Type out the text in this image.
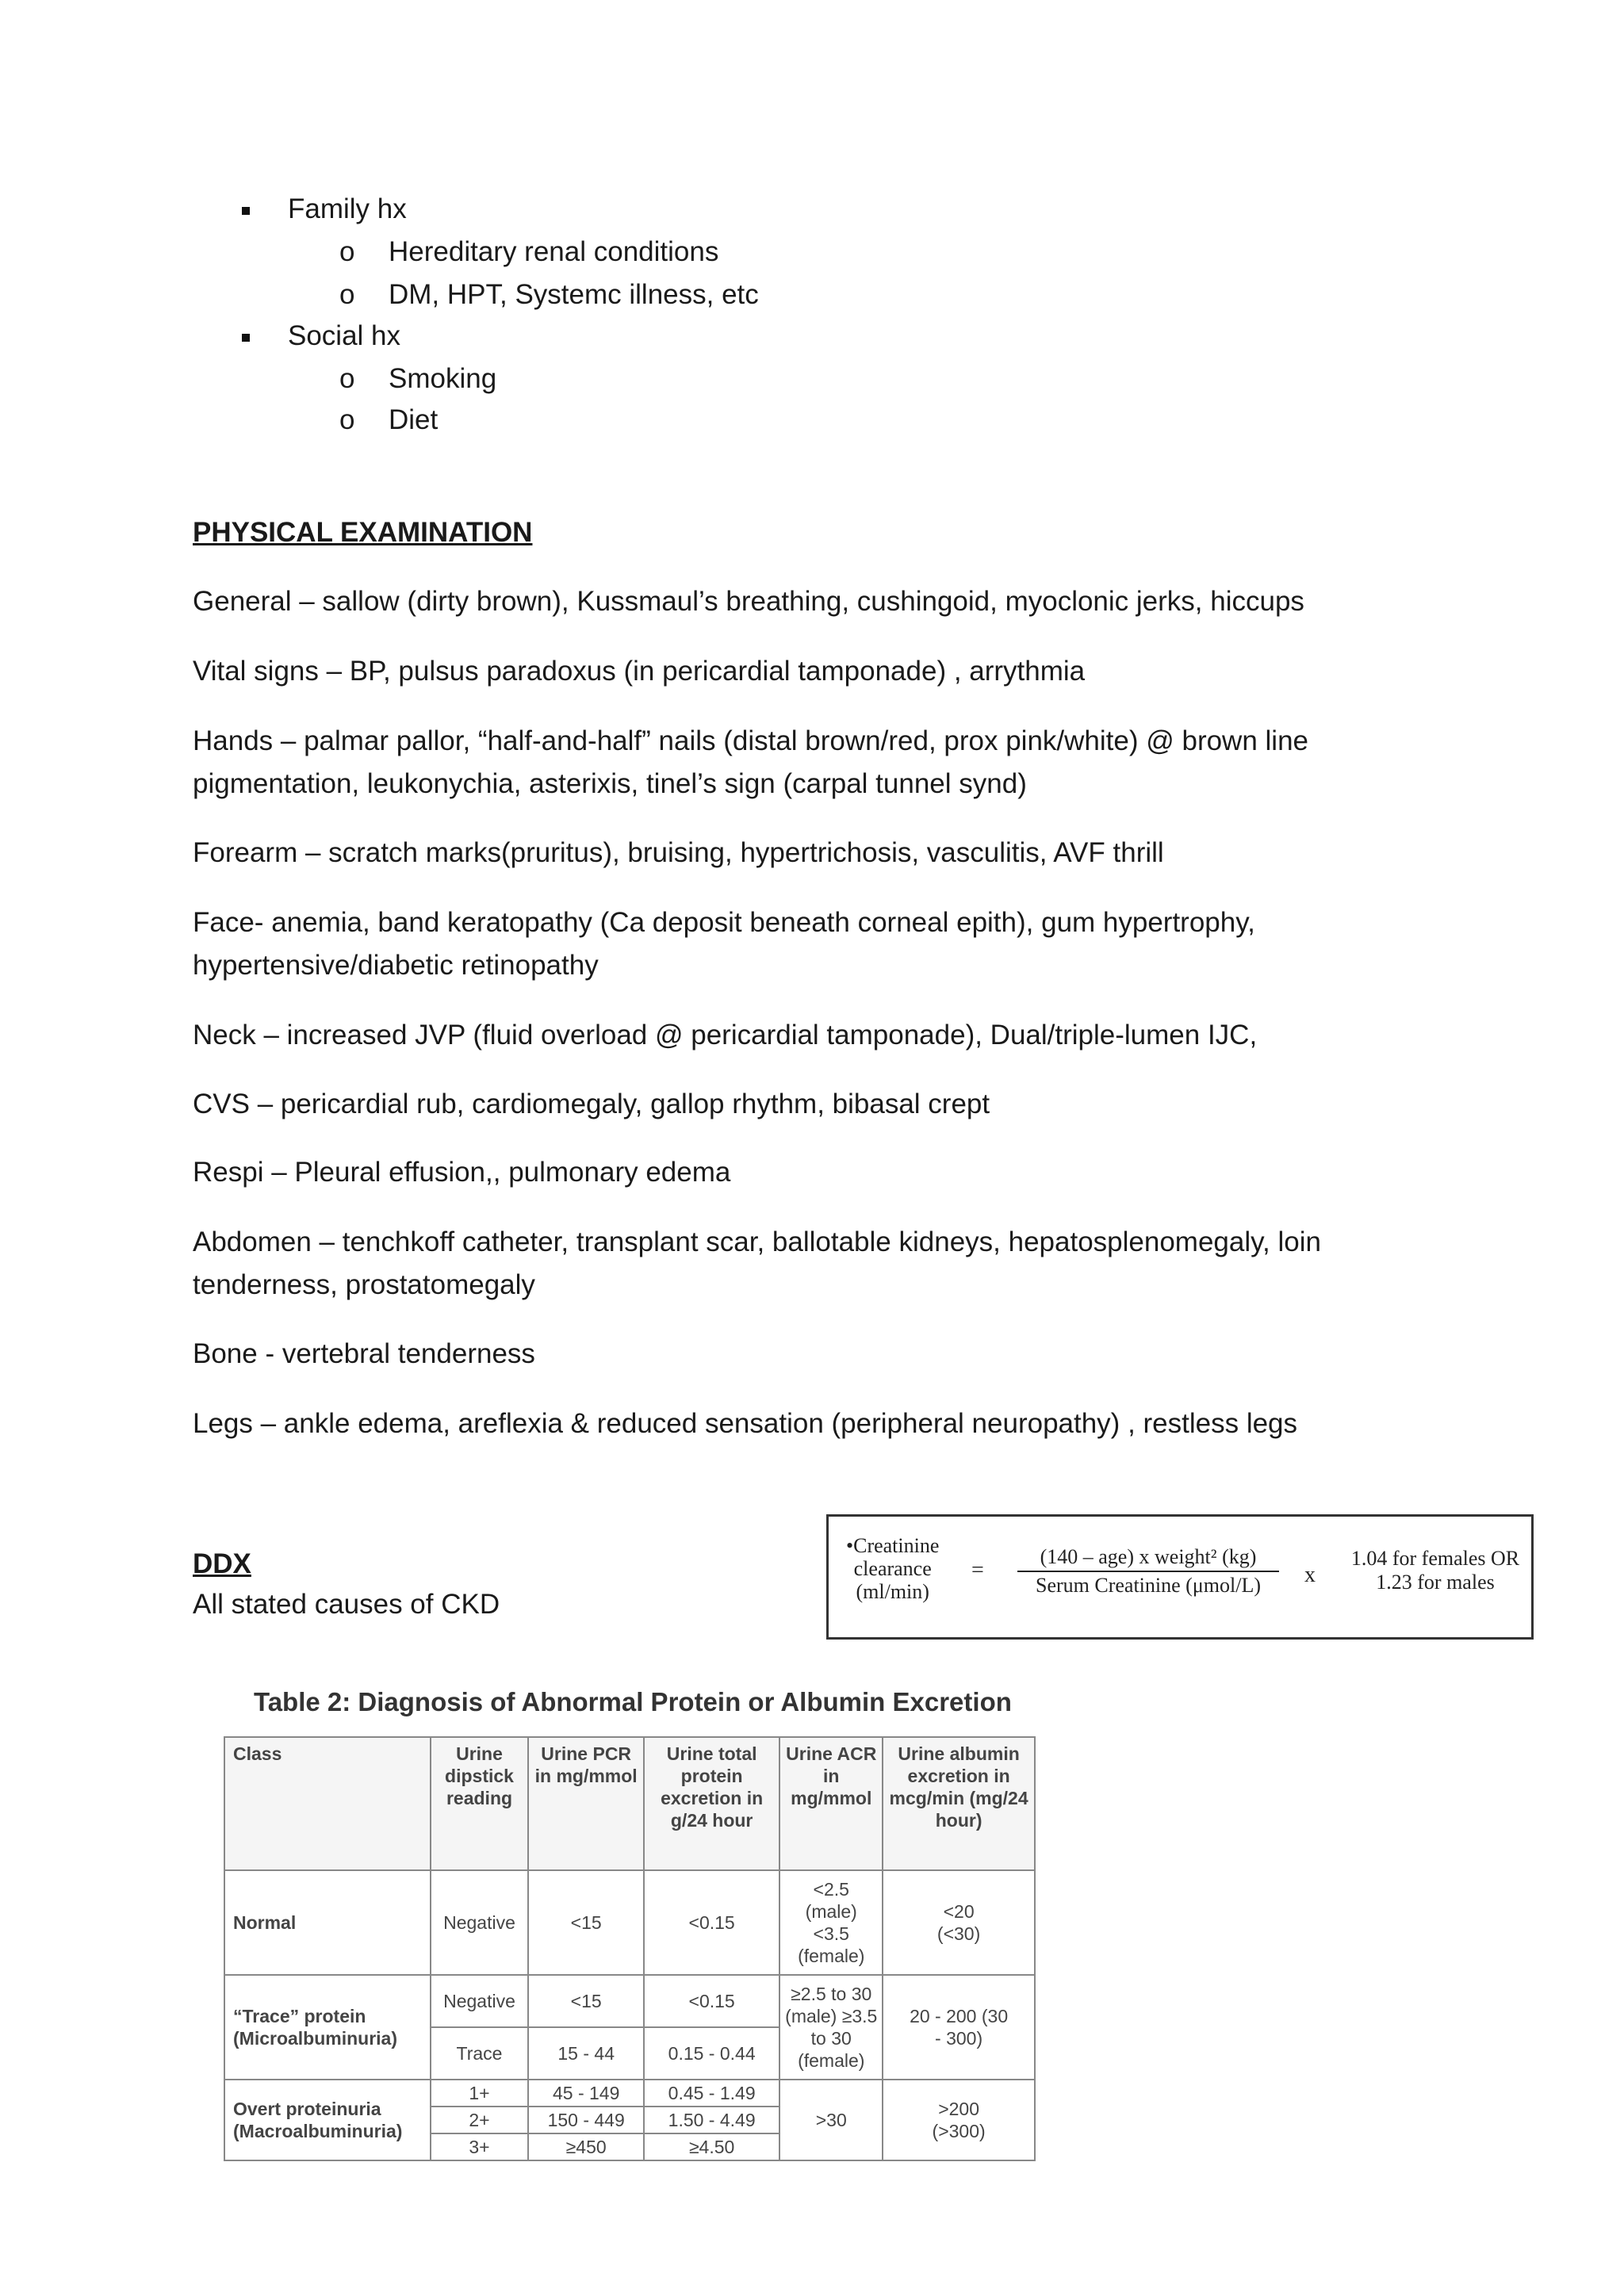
Family hx
o Hereditary renal conditions
o DM, HPT, Systemc illness, etc
Social hx
o Smoking
o Diet
PHYSICAL EXAMINATION
General – sallow (dirty brown), Kussmaul’s breathing, cushingoid, myoclonic jerks, hiccups
Vital signs – BP, pulsus paradoxus (in pericardial tamponade) , arrythmia
Hands – palmar pallor, “half-and-half” nails (distal brown/red, prox pink/white) @ brown line pigmentation, leukonychia, asterixis, tinel’s sign (carpal tunnel synd)
Forearm – scratch marks(pruritus), bruising, hypertrichosis, vasculitis, AVF thrill
Face- anemia, band keratopathy (Ca deposit beneath corneal epith), gum hypertrophy, hypertensive/diabetic retinopathy
Neck – increased JVP (fluid overload @ pericardial tamponade), Dual/triple-lumen IJC,
CVS – pericardial rub, cardiomegaly, gallop rhythm, bibasal crept
Respi – Pleural effusion,, pulmonary edema
Abdomen – tenchkoff catheter, transplant scar, ballotable kidneys, hepatosplenomegaly, loin tenderness, prostatomegaly
Bone - vertebral tenderness
Legs – ankle edema, areflexia & reduced sensation (peripheral neuropathy) , restless legs
DDX
All stated causes of CKD
•Creatinine
clearance
(ml/min)
=
(140 – age) x weight² (kg)
Serum Creatinine (μmol/L)	x
1.04 for females OR
1.23 for males
Table 2: Diagnosis of Abnormal Protein or Albumin Excretion
Class	Urine dipstick reading	Urine PCR in mg/mmol	Urine total protein excretion in g/24 hour	Urine ACR in mg/mmol	Urine albumin excretion in mcg/min (mg/24 hour)
Normal	Negative	<15	<0.15	<2.5 (male) <3.5 (female)	<20 (<30)
“Trace” protein (Microalbuminuria)	Negative	<15	<0.15	≥2.5 to 30 (male) ≥3.5 to 30 (female)	20 - 200 (30 - 300)
	Trace	15 - 44	0.15 - 0.44		
Overt proteinuria (Macroalbuminuria)	1+	45 - 149	0.45 - 1.49	>30	>200 (>300)
	2+	150 - 449	1.50 - 4.49		
	3+	≥450	≥4.50		
